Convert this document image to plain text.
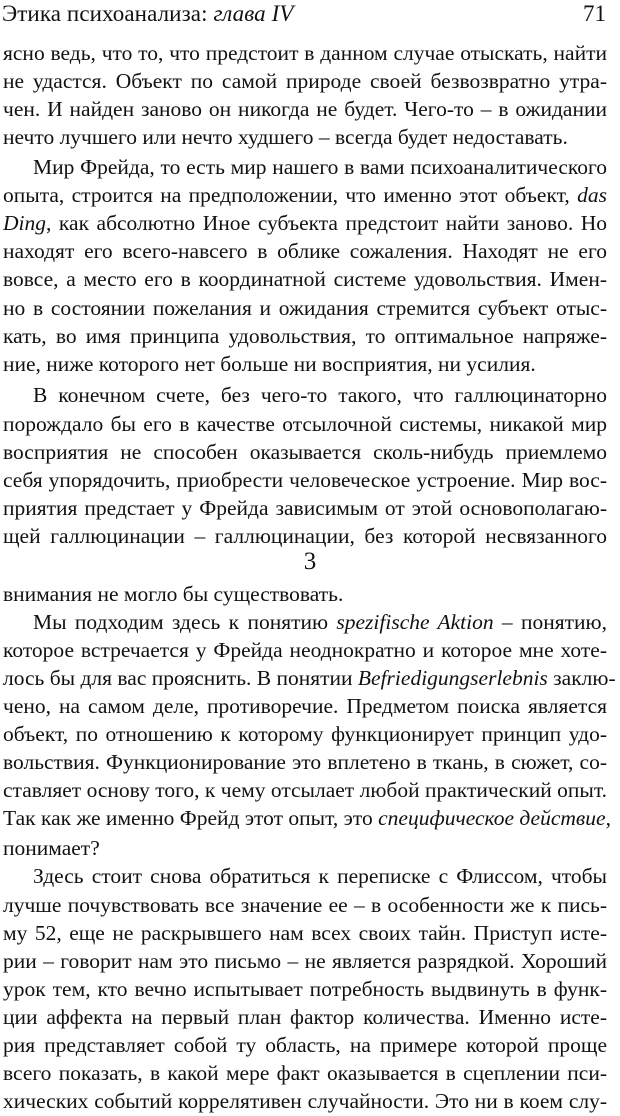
Этика психоанализа: глава IV	71
ясно ведь, что то, что предстоит в данном случае отыскать, найти
не удастся. Объект по самой природе своей безвозвратно утра-
чен. И найден заново он никогда не будет. Чего-то – в ожидании
нечто лучшего или нечто худшего – всегда будет недоставать.
Мир Фрейда, то есть мир нашего в вами психоаналитического
опыта, строится на предположении, что именно этот объект, das
Ding, как абсолютно Иное субъекта предстоит найти заново. Но
находят его всего-навсего в облике сожаления. Находят не его
вовсе, а место его в координатной системе удовольствия. Имен-
но в состоянии пожелания и ожидания стремится субъект отыс-
кать, во имя принципа удовольствия, то оптимальное напряже-
ние, ниже которого нет больше ни восприятия, ни усилия.
В конечном счете, без чего-то такого, что галлюцинаторно
порождало бы его в качестве отсылочной системы, никакой мир
восприятия не способен оказывается сколь-нибудь приемлемо
себя упорядочить, приобрести человеческое устроение. Мир вос-
приятия предстает у Фрейда зависимым от этой основополагаю-
щей галлюцинации – галлюцинации, без которой несвязанного
внимания не могло бы существовать.
Мы подходим здесь к понятию spezifische Aktion – понятию,
которое встречается у Фрейда неоднократно и которое мне хоте-
лось бы для вас прояснить. В понятии Befriedigungserlebnis заклю-
чено, на самом деле, противоречие. Предметом поиска является
объект, по отношению к которому функционирует принцип удо-
вольствия. Функционирование это вплетено в ткань, в сюжет, со-
ставляет основу того, к чему отсылает любой практический опыт.
Так как же именно Фрейд этот опыт, это специфическое действие,
понимает?
Здесь стоит снова обратиться к переписке с Флиссом, чтобы
лучше почувствовать все значение ее – в особенности же к пись-
му 52, еще не раскрывшего нам всех своих тайн. Приступ истe-
рии – говорит нам это письмо – не является разрядкой. Хороший
урок тем, кто вечно испытывает потребность выдвинуть в функ-
ции аффекта на первый план фактор количества. Именно исте-
рия представляет собой ту область, на примере которой проще
всего показать, в какой мере факт оказывается в сцеплении пси-
хических событий коррелятивен случайности. Это ни в коем слу-
3
